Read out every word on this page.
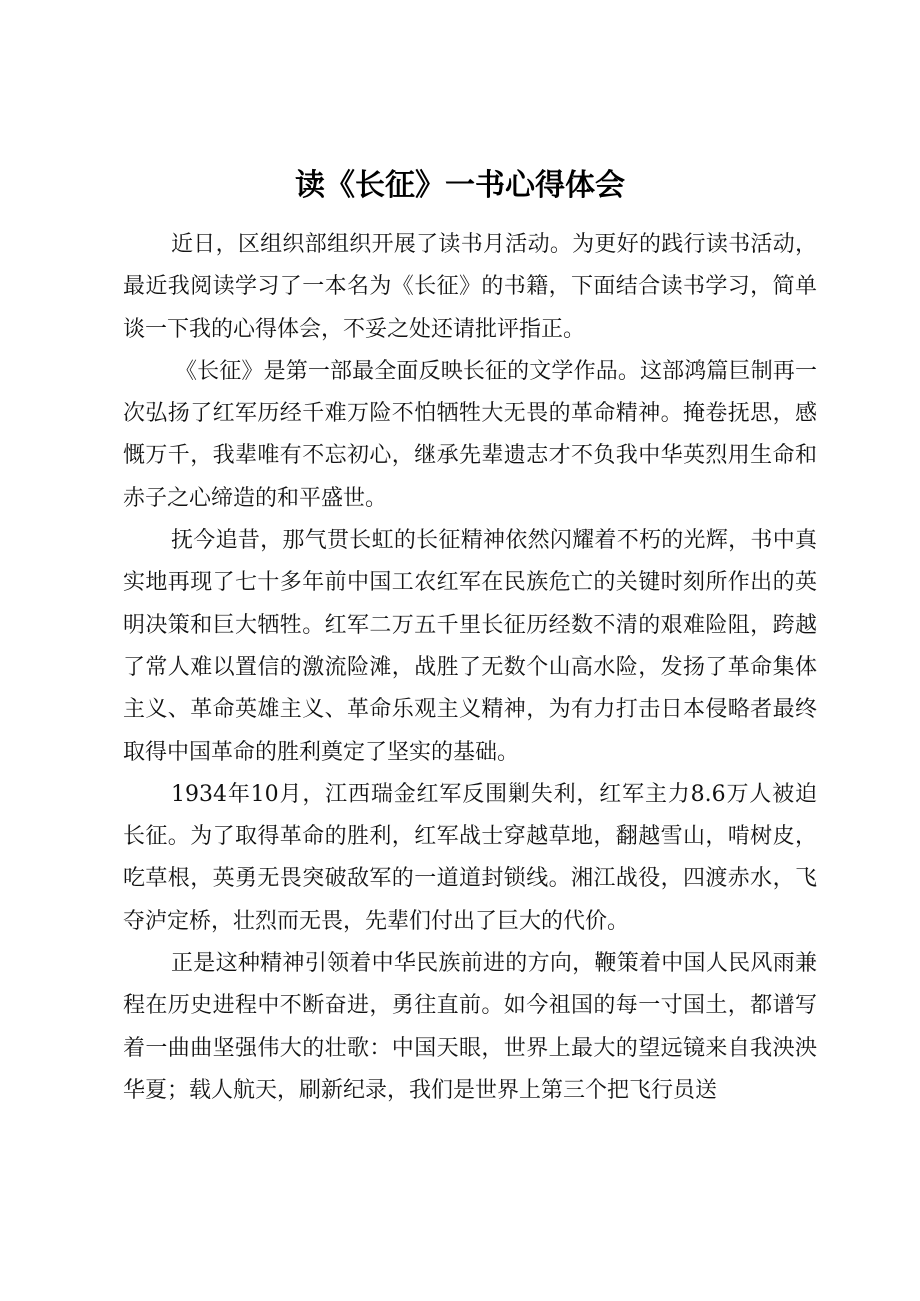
读《长征》一书心得体会

近日，区组织部组织开展了读书月活动。为更好的践行读书活动，最近我阅读学习了一本名为《长征》的书籍，下面结合读书学习，简单谈一下我的心得体会，不妥之处还请批评指正。

《长征》是第一部最全面反映长征的文学作品。这部鸿篇巨制再一次弘扬了红军历经千难万险不怕牺牲大无畏的革命精神。掩卷抚思，感慨万千，我辈唯有不忘初心，继承先辈遗志才不负我中华英烈用生命和赤子之心缔造的和平盛世。

抚今追昔，那气贯长虹的长征精神依然闪耀着不朽的光辉，书中真实地再现了七十多年前中国工农红军在民族危亡的关键时刻所作出的英明决策和巨大牺牲。红军二万五千里长征历经数不清的艰难险阻，跨越了常人难以置信的激流险滩，战胜了无数个山高水险，发扬了革命集体主义、革命英雄主义、革命乐观主义精神，为有力打击日本侵略者最终取得中国革命的胜利奠定了坚实的基础。

1934年10月，江西瑞金红军反围剿失利，红军主力8.6万人被迫长征。为了取得革命的胜利，红军战士穿越草地，翻越雪山，啃树皮，吃草根，英勇无畏突破敌军的一道道封锁线。湘江战役，四渡赤水，飞夺泸定桥，壮烈而无畏，先辈们付出了巨大的代价。

正是这种精神引领着中华民族前进的方向，鞭策着中国人民风雨兼程在历史进程中不断奋进，勇往直前。如今祖国的每一寸国土，都谱写着一曲曲坚强伟大的壮歌：中国天眼，世界上最大的望远镜来自我泱泱华夏；载人航天，刷新纪录，我们是世界上第三个把飞行员送
